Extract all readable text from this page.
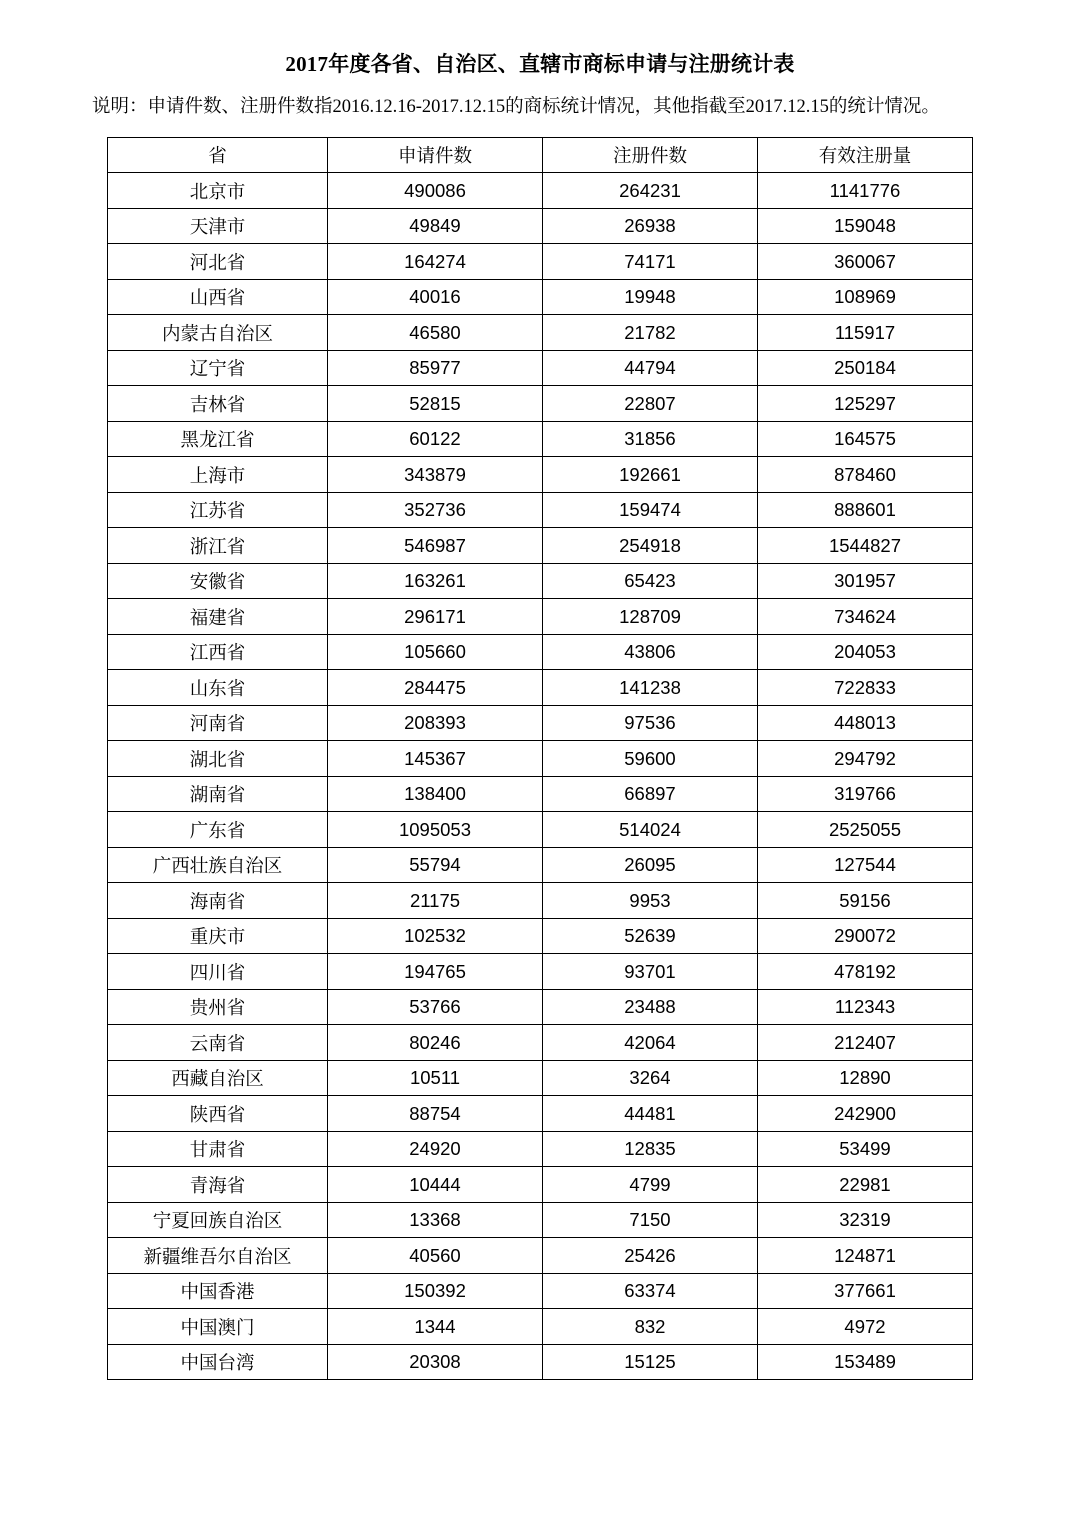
2017年度各省、自治区、直辖市商标申请与注册统计表
说明：申请件数、注册件数指2016.12.16-2017.12.15的商标统计情况，其他指截至2017.12.15的统计情况。
省	申请件数	注册件数	有效注册量
北京市	490086	264231	1141776
天津市	49849	26938	159048
河北省	164274	74171	360067
山西省	40016	19948	108969
内蒙古自治区	46580	21782	115917
辽宁省	85977	44794	250184
吉林省	52815	22807	125297
黑龙江省	60122	31856	164575
上海市	343879	192661	878460
江苏省	352736	159474	888601
浙江省	546987	254918	1544827
安徽省	163261	65423	301957
福建省	296171	128709	734624
江西省	105660	43806	204053
山东省	284475	141238	722833
河南省	208393	97536	448013
湖北省	145367	59600	294792
湖南省	138400	66897	319766
广东省	1095053	514024	2525055
广西壮族自治区	55794	26095	127544
海南省	21175	9953	59156
重庆市	102532	52639	290072
四川省	194765	93701	478192
贵州省	53766	23488	112343
云南省	80246	42064	212407
西藏自治区	10511	3264	12890
陕西省	88754	44481	242900
甘肃省	24920	12835	53499
青海省	10444	4799	22981
宁夏回族自治区	13368	7150	32319
新疆维吾尔自治区	40560	25426	124871
中国香港	150392	63374	377661
中国澳门	1344	832	4972
中国台湾	20308	15125	153489
